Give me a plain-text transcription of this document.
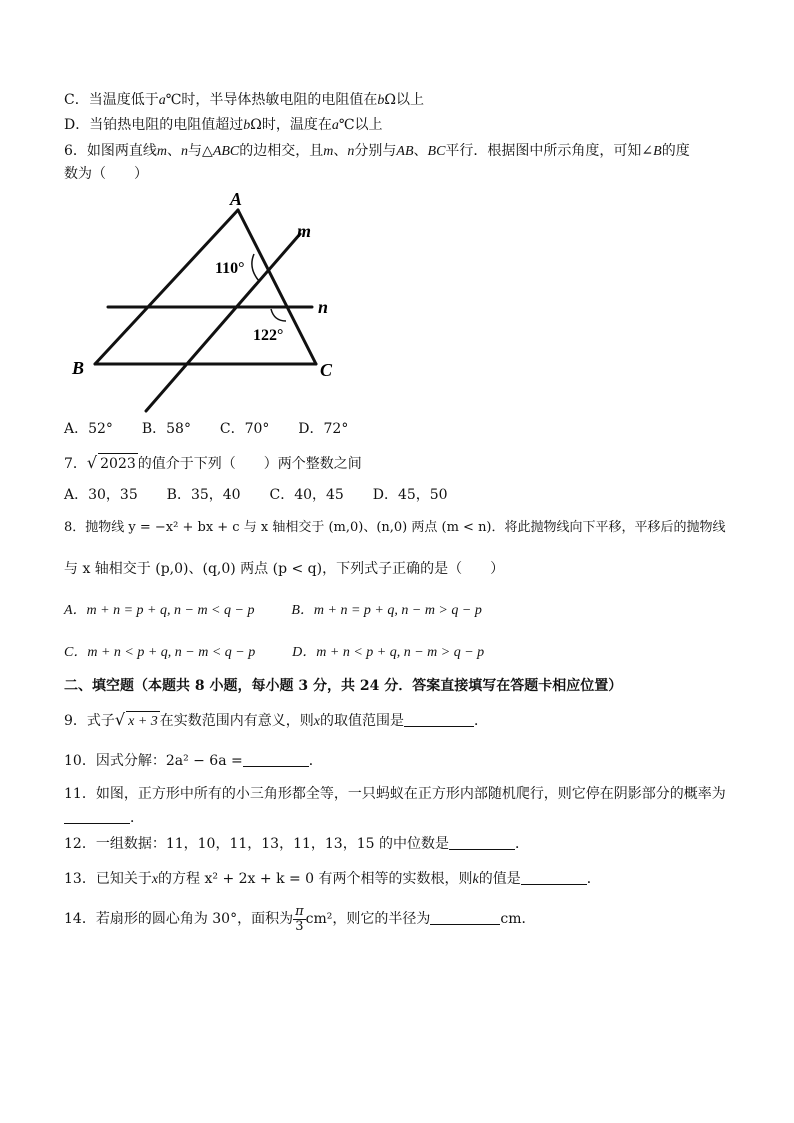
C．当温度低于a℃时，半导体热敏电阻的电阻值在bΩ以上
D．当铂热电阻的电阻值超过bΩ时，温度在a℃以上
6．如图两直线m、n与△ABC的边相交，且m、n分别与AB、BC平行．根据图中所示角度，可知∠B的度
数为（　　）
A
B	C
m
n
110°
122°
A．52° B．58° C．70° D．72°
7．√ 2023 的值介于下列（　　）两个整数之间
A．30，35 B．35，40 C．40，45 D．45，50
8．抛物线 y = −x² + bx + c 与 x 轴相交于 (m,0)、(n,0) 两点 (m < n)．将此抛物线向下平移，平移后的抛物线
与 x 轴相交于 (p,0)、(q,0) 两点 (p < q)，下列式子正确的是（　　）
A．m + n = p + q, n − m < q − p	B．m + n = p + q, n − m > q − p
C．m + n < p + q, n − m < q − p	D．m + n < p + q, n − m > q − p
二、填空题（本题共 8 小题，每小题 3 分，共 24 分．答案直接填写在答题卡相应位置）
9．式子√ x + 3 在实数范围内有意义，则x的取值范围是	．
10．因式分解：2a² − 6a =	．
11．如图，正方形中所有的小三角形都全等，一只蚂蚁在正方形内部随机爬行，则它停在阴影部分的概率为
．
12．一组数据：11，10，11，13，11，13，15 的中位数是	．
13．已知关于x的方程 x² + 2x + k = 0 有两个相等的实数根，则k的值是	．
14．若扇形的圆心角为 30°，面积为 $\frac{\pi}{3} cm^2$，则它的半径为	cm．
